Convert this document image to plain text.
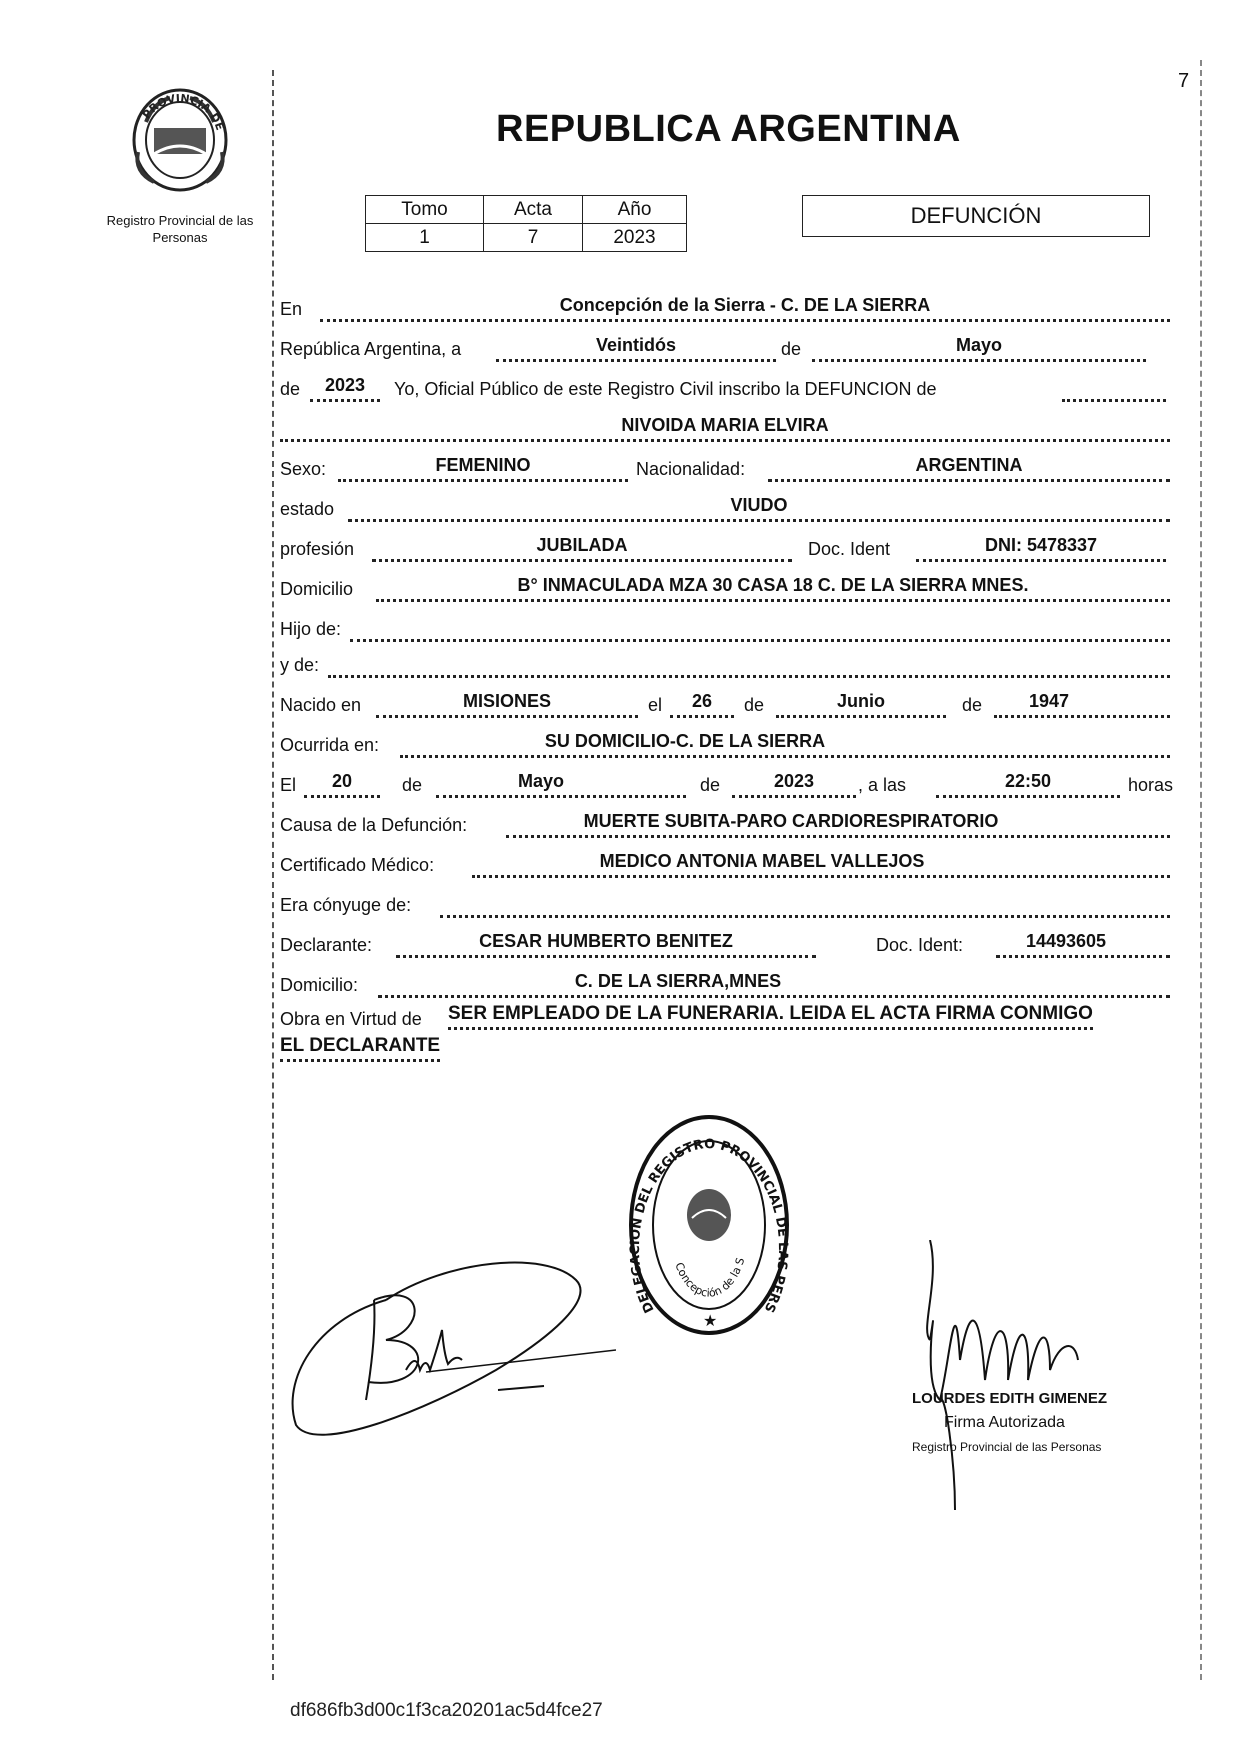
7
PROVINCIA DE
Registro Provincial de las Personas
REPUBLICA ARGENTINA
Tomo	Acta	Año
1	7	2023
DEFUNCIÓN
En	Concepción de la Sierra - C. DE LA SIERRA
República Argentina, a	Veintidós	de	Mayo
de	2023	Yo, Oficial Público de este Registro Civil inscribo la DEFUNCION de
NIVOIDA MARIA ELVIRA
Sexo:	FEMENINO	Nacionalidad:	ARGENTINA
estado	VIUDO
profesión	JUBILADA	Doc. Ident	DNI: 5478337
Domicilio	B° INMACULADA MZA 30 CASA 18 C. DE LA SIERRA MNES.
Hijo de:
y de:
Nacido en	MISIONES	el	26	de	Junio	de	1947
Ocurrida en:	SU DOMICILIO-C. DE LA SIERRA
El	20	de	Mayo	de	2023	, a las	22:50	horas
Causa de la Defunción:	MUERTE SUBITA-PARO CARDIORESPIRATORIO
Certificado Médico:	MEDICO ANTONIA MABEL VALLEJOS
Era cónyuge de:
Declarante:	CESAR HUMBERTO BENITEZ	Doc. Ident:	14493605
Domicilio:	C. DE LA SIERRA,MNES
Obra en Virtud de SER EMPLEADO DE LA FUNERARIA. LEIDA EL ACTA FIRMA CONMIGO
EL DECLARANTE
DELEGACION DEL REGISTRO PROVINCIAL DE LAS PERS
Concepción de la S
★
LOURDES EDITH GIMENEZ
Firma Autorizada
Registro Provincial de las Personas
df686fb3d00c1f3ca20201ac5d4fce27
